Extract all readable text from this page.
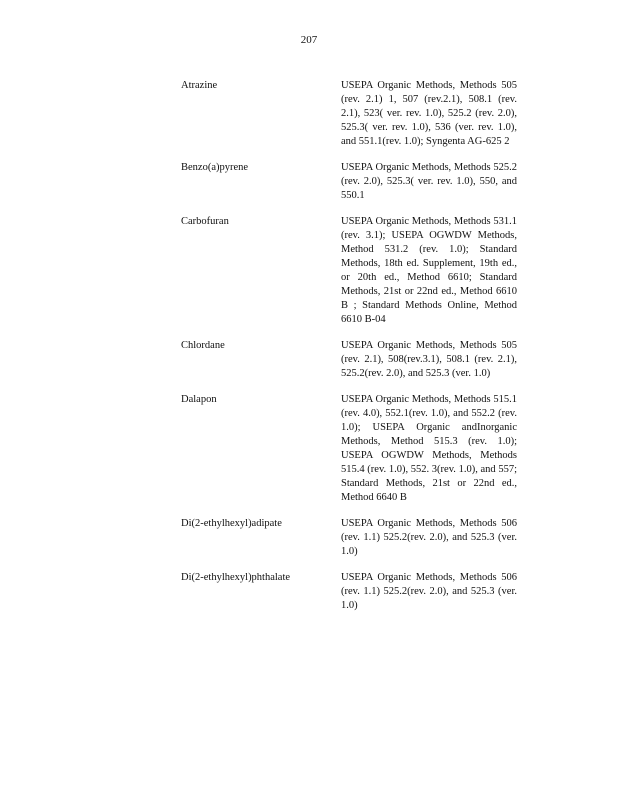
207
Atrazine	USEPA Organic Methods, Methods 505 (rev. 2.1) 1, 507 (rev.2.1), 508.1 (rev. 2.1), 523( ver. rev. 1.0), 525.2 (rev. 2.0), 525.3( ver. rev. 1.0), 536 (ver. rev. 1.0), and 551.1(rev. 1.0); Syngenta AG-625 2
Benzo(a)pyrene	USEPA Organic Methods, Methods 525.2 (rev. 2.0), 525.3( ver. rev. 1.0), 550, and 550.1
Carbofuran	USEPA Organic Methods, Methods 531.1 (rev. 3.1); USEPA OGWDW Methods, Method 531.2 (rev. 1.0); Standard Methods, 18th ed. Supplement, 19th ed., or 20th ed., Method 6610; Standard Methods, 21st or 22nd ed., Method 6610 B ; Standard Methods Online, Method 6610 B-04
Chlordane	USEPA Organic Methods, Methods 505 (rev. 2.1), 508(rev.3.1), 508.1 (rev. 2.1), 525.2(rev. 2.0), and 525.3 (ver. 1.0)
Dalapon	USEPA Organic Methods, Methods 515.1 (rev. 4.0), 552.1(rev. 1.0), and 552.2 (rev. 1.0); USEPA Organic andInorganic Methods, Method 515.3 (rev. 1.0); USEPA OGWDW Methods, Methods 515.4 (rev. 1.0), 552. 3(rev. 1.0), and 557; Standard Methods, 21st or 22nd ed., Method 6640 B
Di(2-ethylhexyl)adipate	USEPA Organic Methods, Methods 506 (rev. 1.1) 525.2(rev. 2.0), and 525.3 (ver. 1.0)
Di(2-ethylhexyl)phthalate	USEPA Organic Methods, Methods 506 (rev. 1.1) 525.2(rev. 2.0), and 525.3 (ver. 1.0)
